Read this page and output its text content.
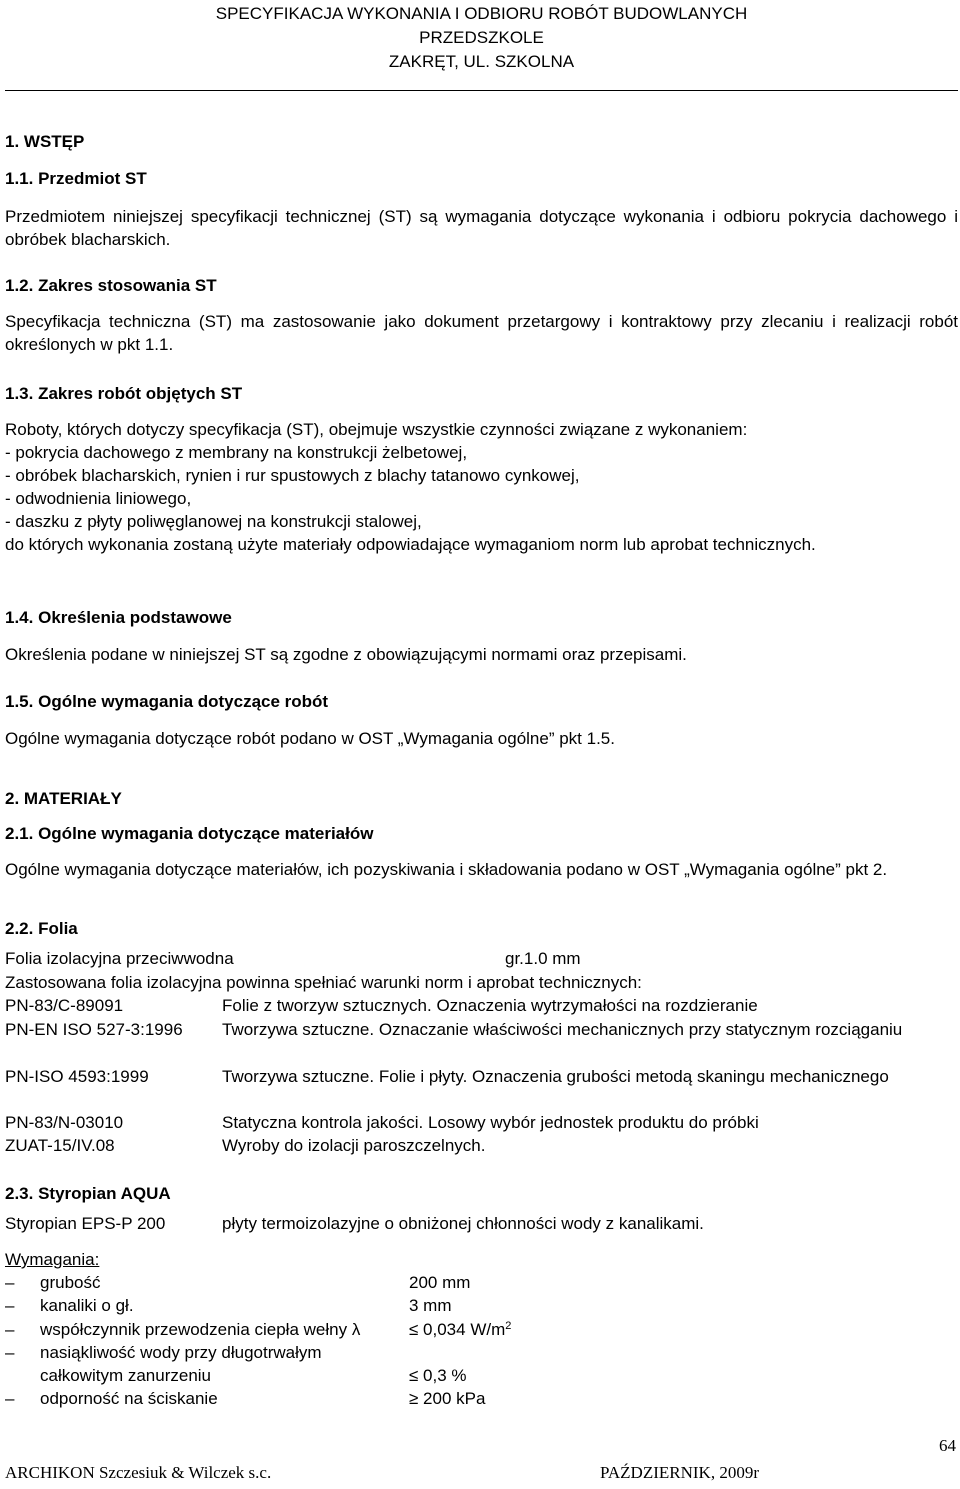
SPECYFIKACJA WYKONANIA I ODBIORU ROBÓT BUDOWLANYCH
PRZEDSZKOLE
ZAKRĘT, UL. SZKOLNA
1. WSTĘP
1.1. Przedmiot ST
Przedmiotem niniejszej specyfikacji technicznej (ST) są wymagania dotyczące wykonania i odbioru pokrycia dachowego i obróbek blacharskich.
1.2. Zakres stosowania ST
Specyfikacja techniczna (ST) ma zastosowanie jako dokument przetargowy i kontraktowy przy zlecaniu i realizacji robót określonych w pkt 1.1.
1.3. Zakres robót objętych ST
Roboty, których dotyczy specyfikacja (ST), obejmuje wszystkie czynności związane z wykonaniem:
- pokrycia dachowego z membrany na konstrukcji żelbetowej,
- obróbek blacharskich, rynien i rur spustowych z blachy tatanowo cynkowej,
- odwodnienia liniowego,
- daszku z płyty poliwęglanowej na konstrukcji stalowej,
do których wykonania zostaną użyte materiały odpowiadające wymaganiom norm lub aprobat technicznych.
1.4. Określenia podstawowe
Określenia podane w niniejszej ST są zgodne z obowiązującymi normami oraz przepisami.
1.5. Ogólne wymagania dotyczące robót
Ogólne wymagania dotyczące robót podano w OST „Wymagania ogólne” pkt 1.5.
2. MATERIAŁY
2.1. Ogólne wymagania dotyczące materiałów
Ogólne wymagania dotyczące materiałów, ich pozyskiwania i składowania podano w OST „Wymagania ogólne” pkt 2.
2.2. Folia
Folia izolacyjna przeciwwodna	gr.1.0 mm
Zastosowana folia izolacyjna powinna spełniać warunki norm i aprobat technicznych:
PN-83/C-89091	Folie z tworzyw sztucznych. Oznaczenia wytrzymałości na rozdzieranie
PN-EN ISO 527-3:1996 Tworzywa sztuczne. Oznaczanie właściwości mechanicznych przy statycznym rozciąganiu
PN-ISO 4593:1999	Tworzywa sztuczne. Folie i płyty. Oznaczenia grubości metodą skaningu mechanicznego
PN-83/N-03010	Statyczna kontrola jakości. Losowy wybór jednostek produktu do próbki
ZUAT-15/IV.08	Wyroby do izolacji paroszczelnych.
2.3. Styropian AQUA
Styropian EPS-P 200	płyty termoizolazyjne o obniżonej chłonności wody z kanalikami.
Wymagania:
– grubość	200 mm
– kanaliki o gł.	3 mm
– współczynnik przewodzenia ciepła wełny λ	≤ 0,034 $W/m^2$
– nasiąkliwość wody przy długotrwałym
całkowitym zanurzeniu	≤ 0,3 %
– odporność na ściskanie	≥ 200 kPa
64
ARCHIKON Szczesiuk & Wilczek s.c.	PAŹDZIERNIK, 2009r
